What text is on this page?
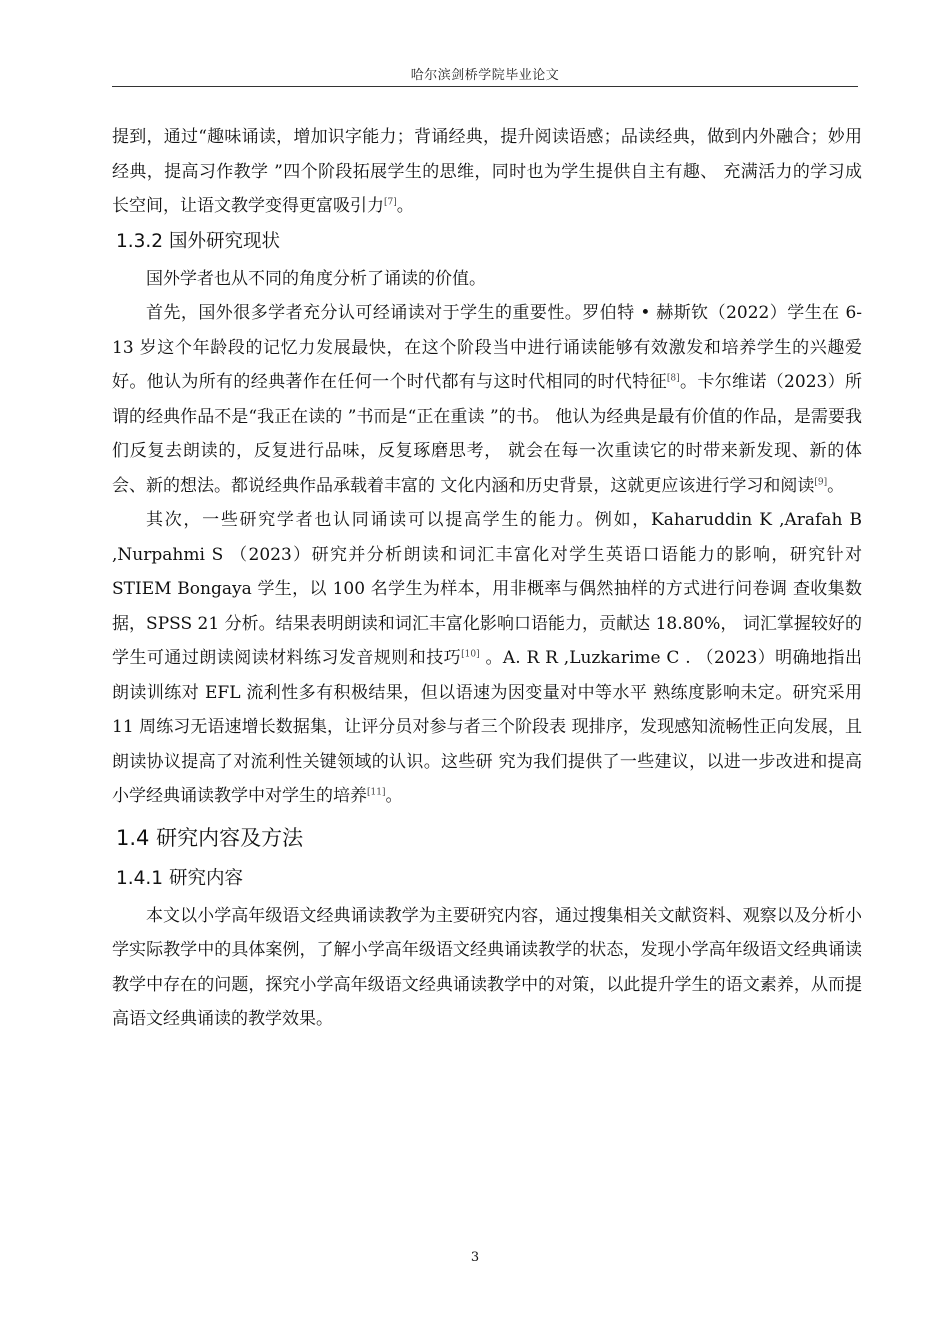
哈尔滨剑桥学院毕业论文

提到，通过“趣味诵读，增加识字能力；背诵经典，提升阅读语感；品读经典，做到内外融合；妙用经典，提高习作教学 ”四个阶段拓展学生的思维，同时也为学生提供自主有趣、 充满活力的学习成长空间，让语文教学变得更富吸引力[7]。

1.3.2 国外研究现状

国外学者也从不同的角度分析了诵读的价值。

首先，国外很多学者充分认可经诵读对于学生的重要性。罗伯特 • 赫斯钦（2022）学生在 6-13 岁这个年龄段的记忆力发展最快，在这个阶段当中进行诵读能够有效激发和培养学生的兴趣爱好。他认为所有的经典著作在任何一个时代都有与这时代相同的时代特征[8]。卡尔维诺（2023）所谓的经典作品不是“我正在读的 ”书而是“正在重读 ”的书。 他认为经典是最有价值的作品，是需要我们反复去朗读的，反复进行品味，反复琢磨思考， 就会在每一次重读它的时带来新发现、新的体会、新的想法。都说经典作品承载着丰富的 文化内涵和历史背景，这就更应该进行学习和阅读[9]。

其次，一些研究学者也认同诵读可以提高学生的能力。例如，Kaharuddin K ,Arafah B ,Nurpahmi S （2023）研究并分析朗读和词汇丰富化对学生英语口语能力的影响，研究针对 STIEM Bongaya 学生，以 100 名学生为样本，用非概率与偶然抽样的方式进行问卷调 查收集数据，SPSS 21 分析。结果表明朗读和词汇丰富化影响口语能力，贡献达 18.80%， 词汇掌握较好的学生可通过朗读阅读材料练习发音规则和技巧[10] 。A. R R ,Luzkarime C . （2023）明确地指出朗读训练对 EFL 流利性多有积极结果，但以语速为因变量对中等水平 熟练度影响未定。研究采用 11 周练习无语速增长数据集，让评分员对参与者三个阶段表 现排序，发现感知流畅性正向发展，且朗读协议提高了对流利性关键领域的认识。这些研 究为我们提供了一些建议，以进一步改进和提高小学经典诵读教学中对学生的培养[11]。

1.4 研究内容及方法
1.4.1 研究内容

本文以小学高年级语文经典诵读教学为主要研究内容，通过搜集相关文献资料、观察以及分析小学实际教学中的具体案例，了解小学高年级语文经典诵读教学的状态，发现小学高年级语文经典诵读教学中存在的问题，探究小学高年级语文经典诵读教学中的对策，以此提升学生的语文素养，从而提高语文经典诵读的教学效果。

3
